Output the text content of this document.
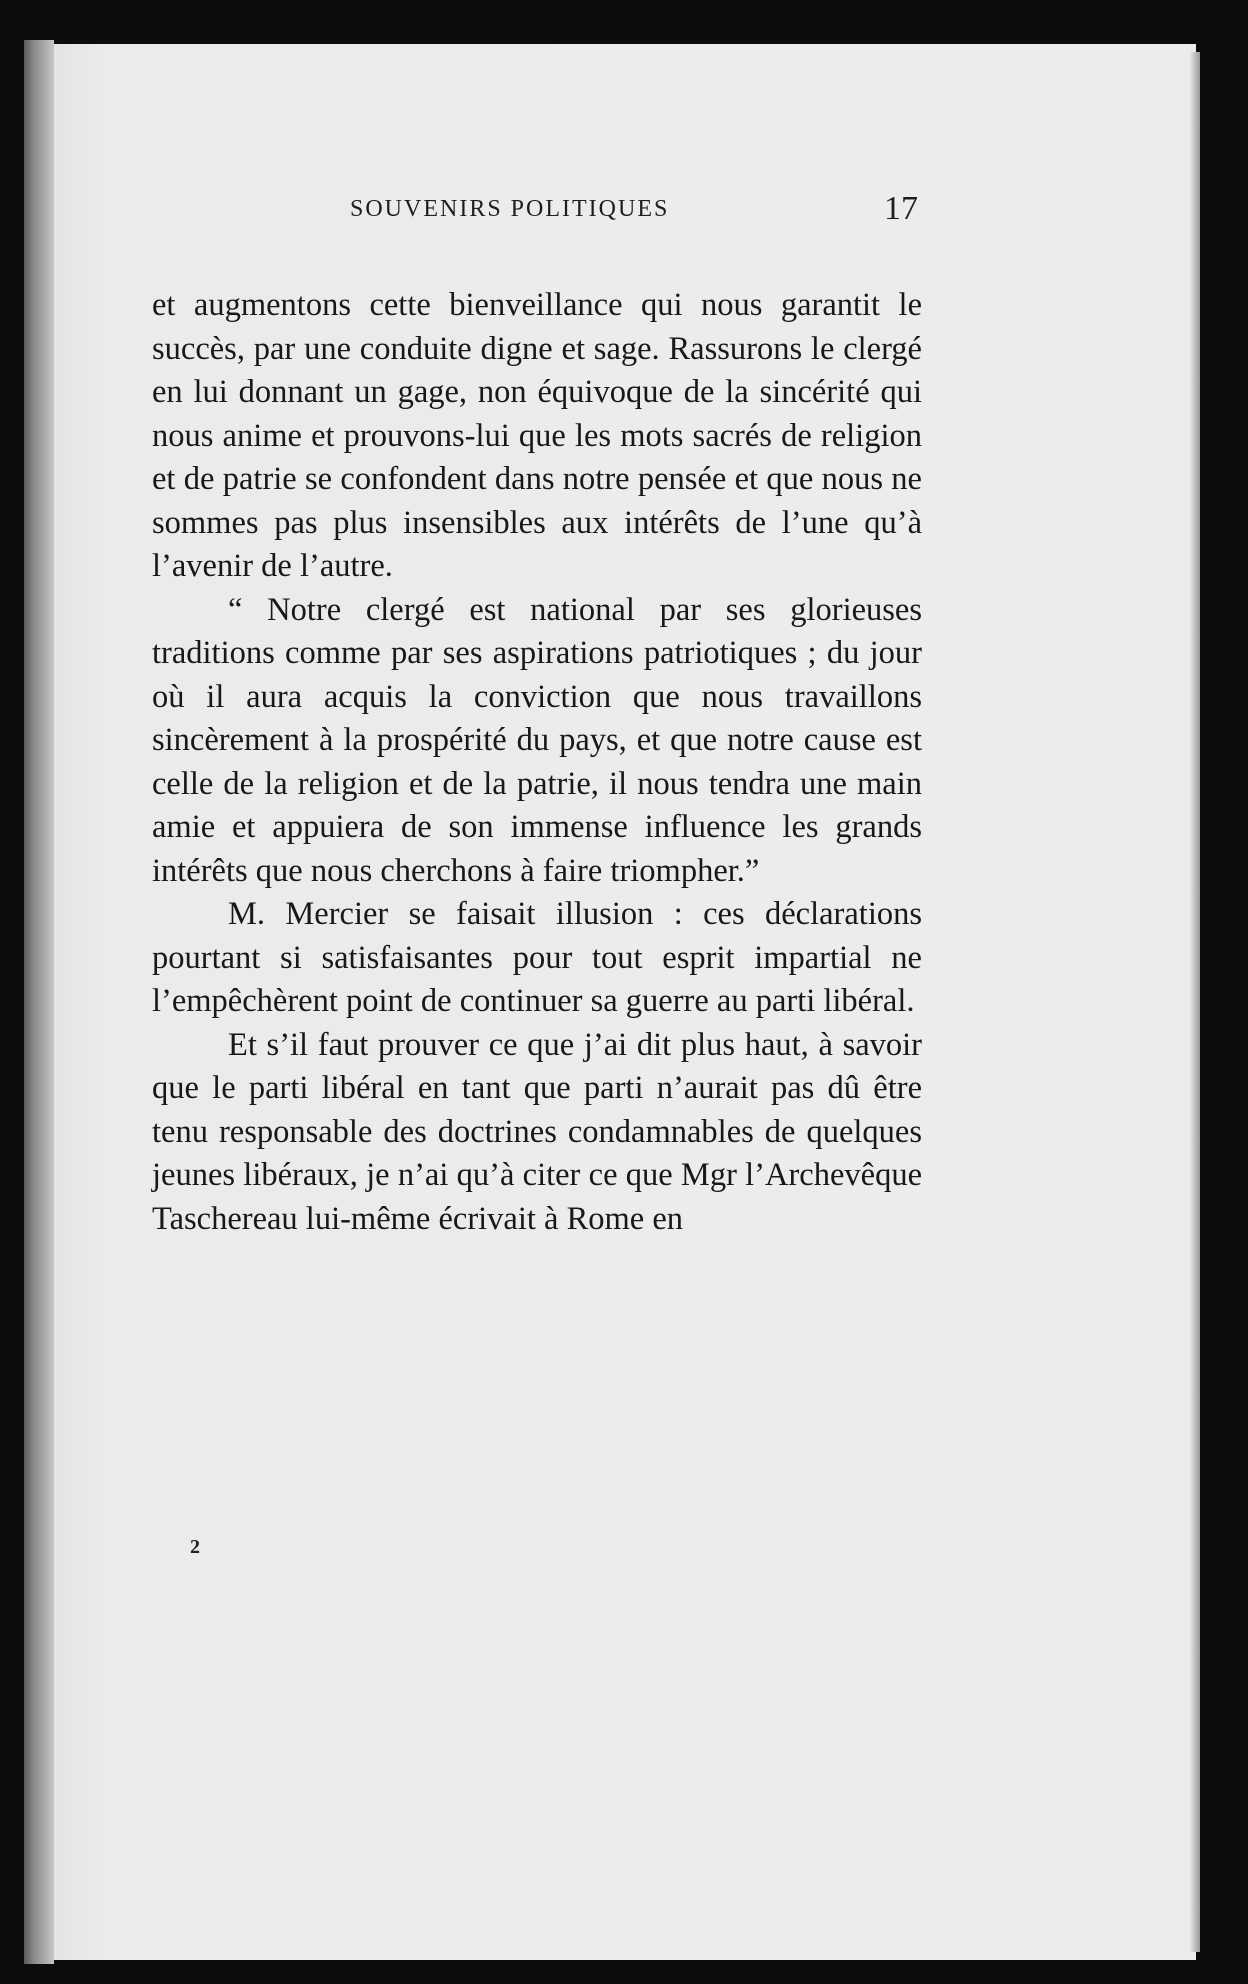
SOUVENIRS POLITIQUES	17

et augmentons cette bienveillance qui nous garantit le succès, par une conduite digne et sage. Rassurons le clergé en lui donnant un gage, non équivoque de la sincérité qui nous anime et prouvons-lui que les mots sacrés de religion et de patrie se confondent dans notre pensée et que nous ne sommes pas plus insensibles aux intérêts de l’une qu’à l’avenir de l’autre.

“ Notre clergé est national par ses glorieuses traditions comme par ses aspirations patriotiques ; du jour où il aura acquis la conviction que nous travaillons sincèrement à la prospérité du pays, et que notre cause est celle de la religion et de la patrie, il nous tendra une main amie et appuiera de son immense influence les grands intérêts que nous cherchons à faire triompher.”

M. Mercier se faisait illusion : ces déclarations pourtant si satisfaisantes pour tout esprit impartial ne l’empêchèrent point de continuer sa guerre au parti libéral.

Et s’il faut prouver ce que j’ai dit plus haut, à savoir que le parti libéral en tant que parti n’aurait pas dû être tenu responsable des doctrines condamnables de quelques jeunes libéraux, je n’ai qu’à citer ce que Mgr l’Archevêque Taschereau lui-même écrivait à Rome en

2
